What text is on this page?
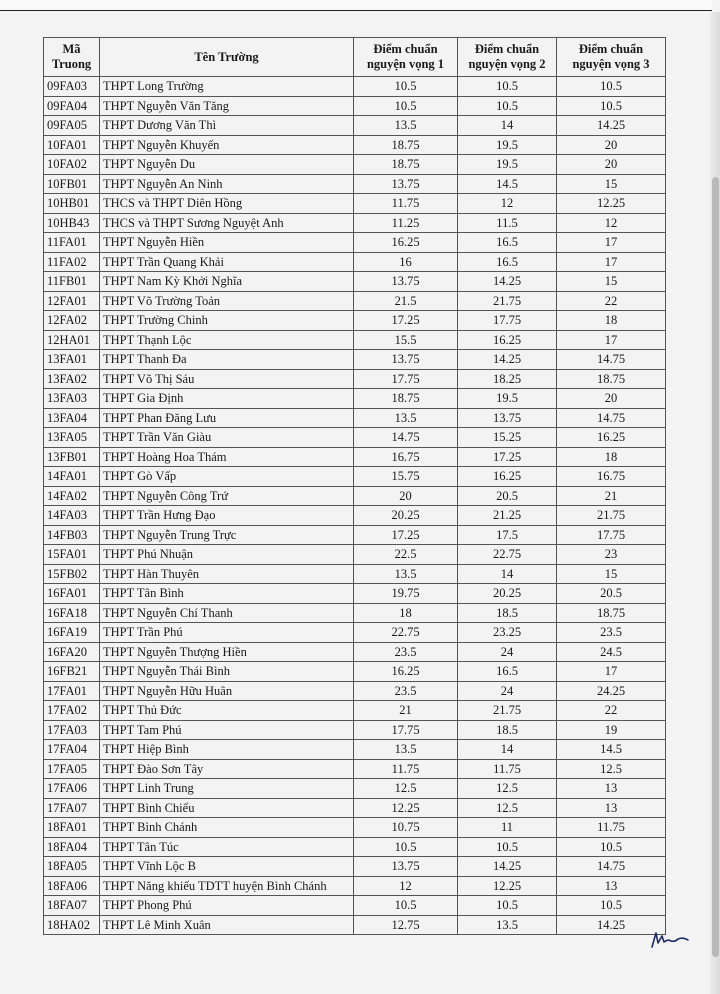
Mã Truong	Tên Trường	Điểm chuẩn nguyện vọng 1	Điểm chuẩn nguyện vọng 2	Điểm chuẩn nguyện vọng 3
09FA03	THPT Long Trường	10.5	10.5	10.5
09FA04	THPT Nguyễn Văn Tăng	10.5	10.5	10.5
09FA05	THPT Dương Văn Thì	13.5	14	14.25
10FA01	THPT Nguyễn Khuyến	18.75	19.5	20
10FA02	THPT Nguyễn Du	18.75	19.5	20
10FB01	THPT Nguyễn An Ninh	13.75	14.5	15
10HB01	THCS và THPT Diên Hồng	11.75	12	12.25
10HB43	THCS và THPT Sương Nguyệt Anh	11.25	11.5	12
11FA01	THPT Nguyễn Hiền	16.25	16.5	17
11FA02	THPT Trần Quang Khải	16	16.5	17
11FB01	THPT Nam Kỳ Khởi Nghĩa	13.75	14.25	15
12FA01	THPT Võ Trường Toản	21.5	21.75	22
12FA02	THPT Trường Chinh	17.25	17.75	18
12HA01	THPT Thạnh Lộc	15.5	16.25	17
13FA01	THPT Thanh Đa	13.75	14.25	14.75
13FA02	THPT Võ Thị Sáu	17.75	18.25	18.75
13FA03	THPT Gia Định	18.75	19.5	20
13FA04	THPT Phan Đăng Lưu	13.5	13.75	14.75
13FA05	THPT Trần Văn Giàu	14.75	15.25	16.25
13FB01	THPT Hoàng Hoa Thám	16.75	17.25	18
14FA01	THPT Gò Vấp	15.75	16.25	16.75
14FA02	THPT Nguyễn Công Trứ	20	20.5	21
14FA03	THPT Trần Hưng Đạo	20.25	21.25	21.75
14FB03	THPT Nguyễn Trung Trực	17.25	17.5	17.75
15FA01	THPT Phú Nhuận	22.5	22.75	23
15FB02	THPT Hàn Thuyên	13.5	14	15
16FA01	THPT Tân Bình	19.75	20.25	20.5
16FA18	THPT Nguyễn Chí Thanh	18	18.5	18.75
16FA19	THPT Trần Phú	22.75	23.25	23.5
16FA20	THPT Nguyễn Thượng Hiền	23.5	24	24.5
16FB21	THPT Nguyễn Thái Bình	16.25	16.5	17
17FA01	THPT Nguyễn Hữu Huân	23.5	24	24.25
17FA02	THPT Thủ Đức	21	21.75	22
17FA03	THPT Tam Phú	17.75	18.5	19
17FA04	THPT Hiệp Bình	13.5	14	14.5
17FA05	THPT Đào Sơn Tây	11.75	11.75	12.5
17FA06	THPT Linh Trung	12.5	12.5	13
17FA07	THPT Bình Chiểu	12.25	12.5	13
18FA01	THPT Bình Chánh	10.75	11	11.75
18FA04	THPT Tân Túc	10.5	10.5	10.5
18FA05	THPT Vĩnh Lộc B	13.75	14.25	14.75
18FA06	THPT Năng khiếu TDTT huyện Bình Chánh	12	12.25	13
18FA07	THPT Phong Phú	10.5	10.5	10.5
18HA02	THPT Lê Minh Xuân	12.75	13.5	14.25
